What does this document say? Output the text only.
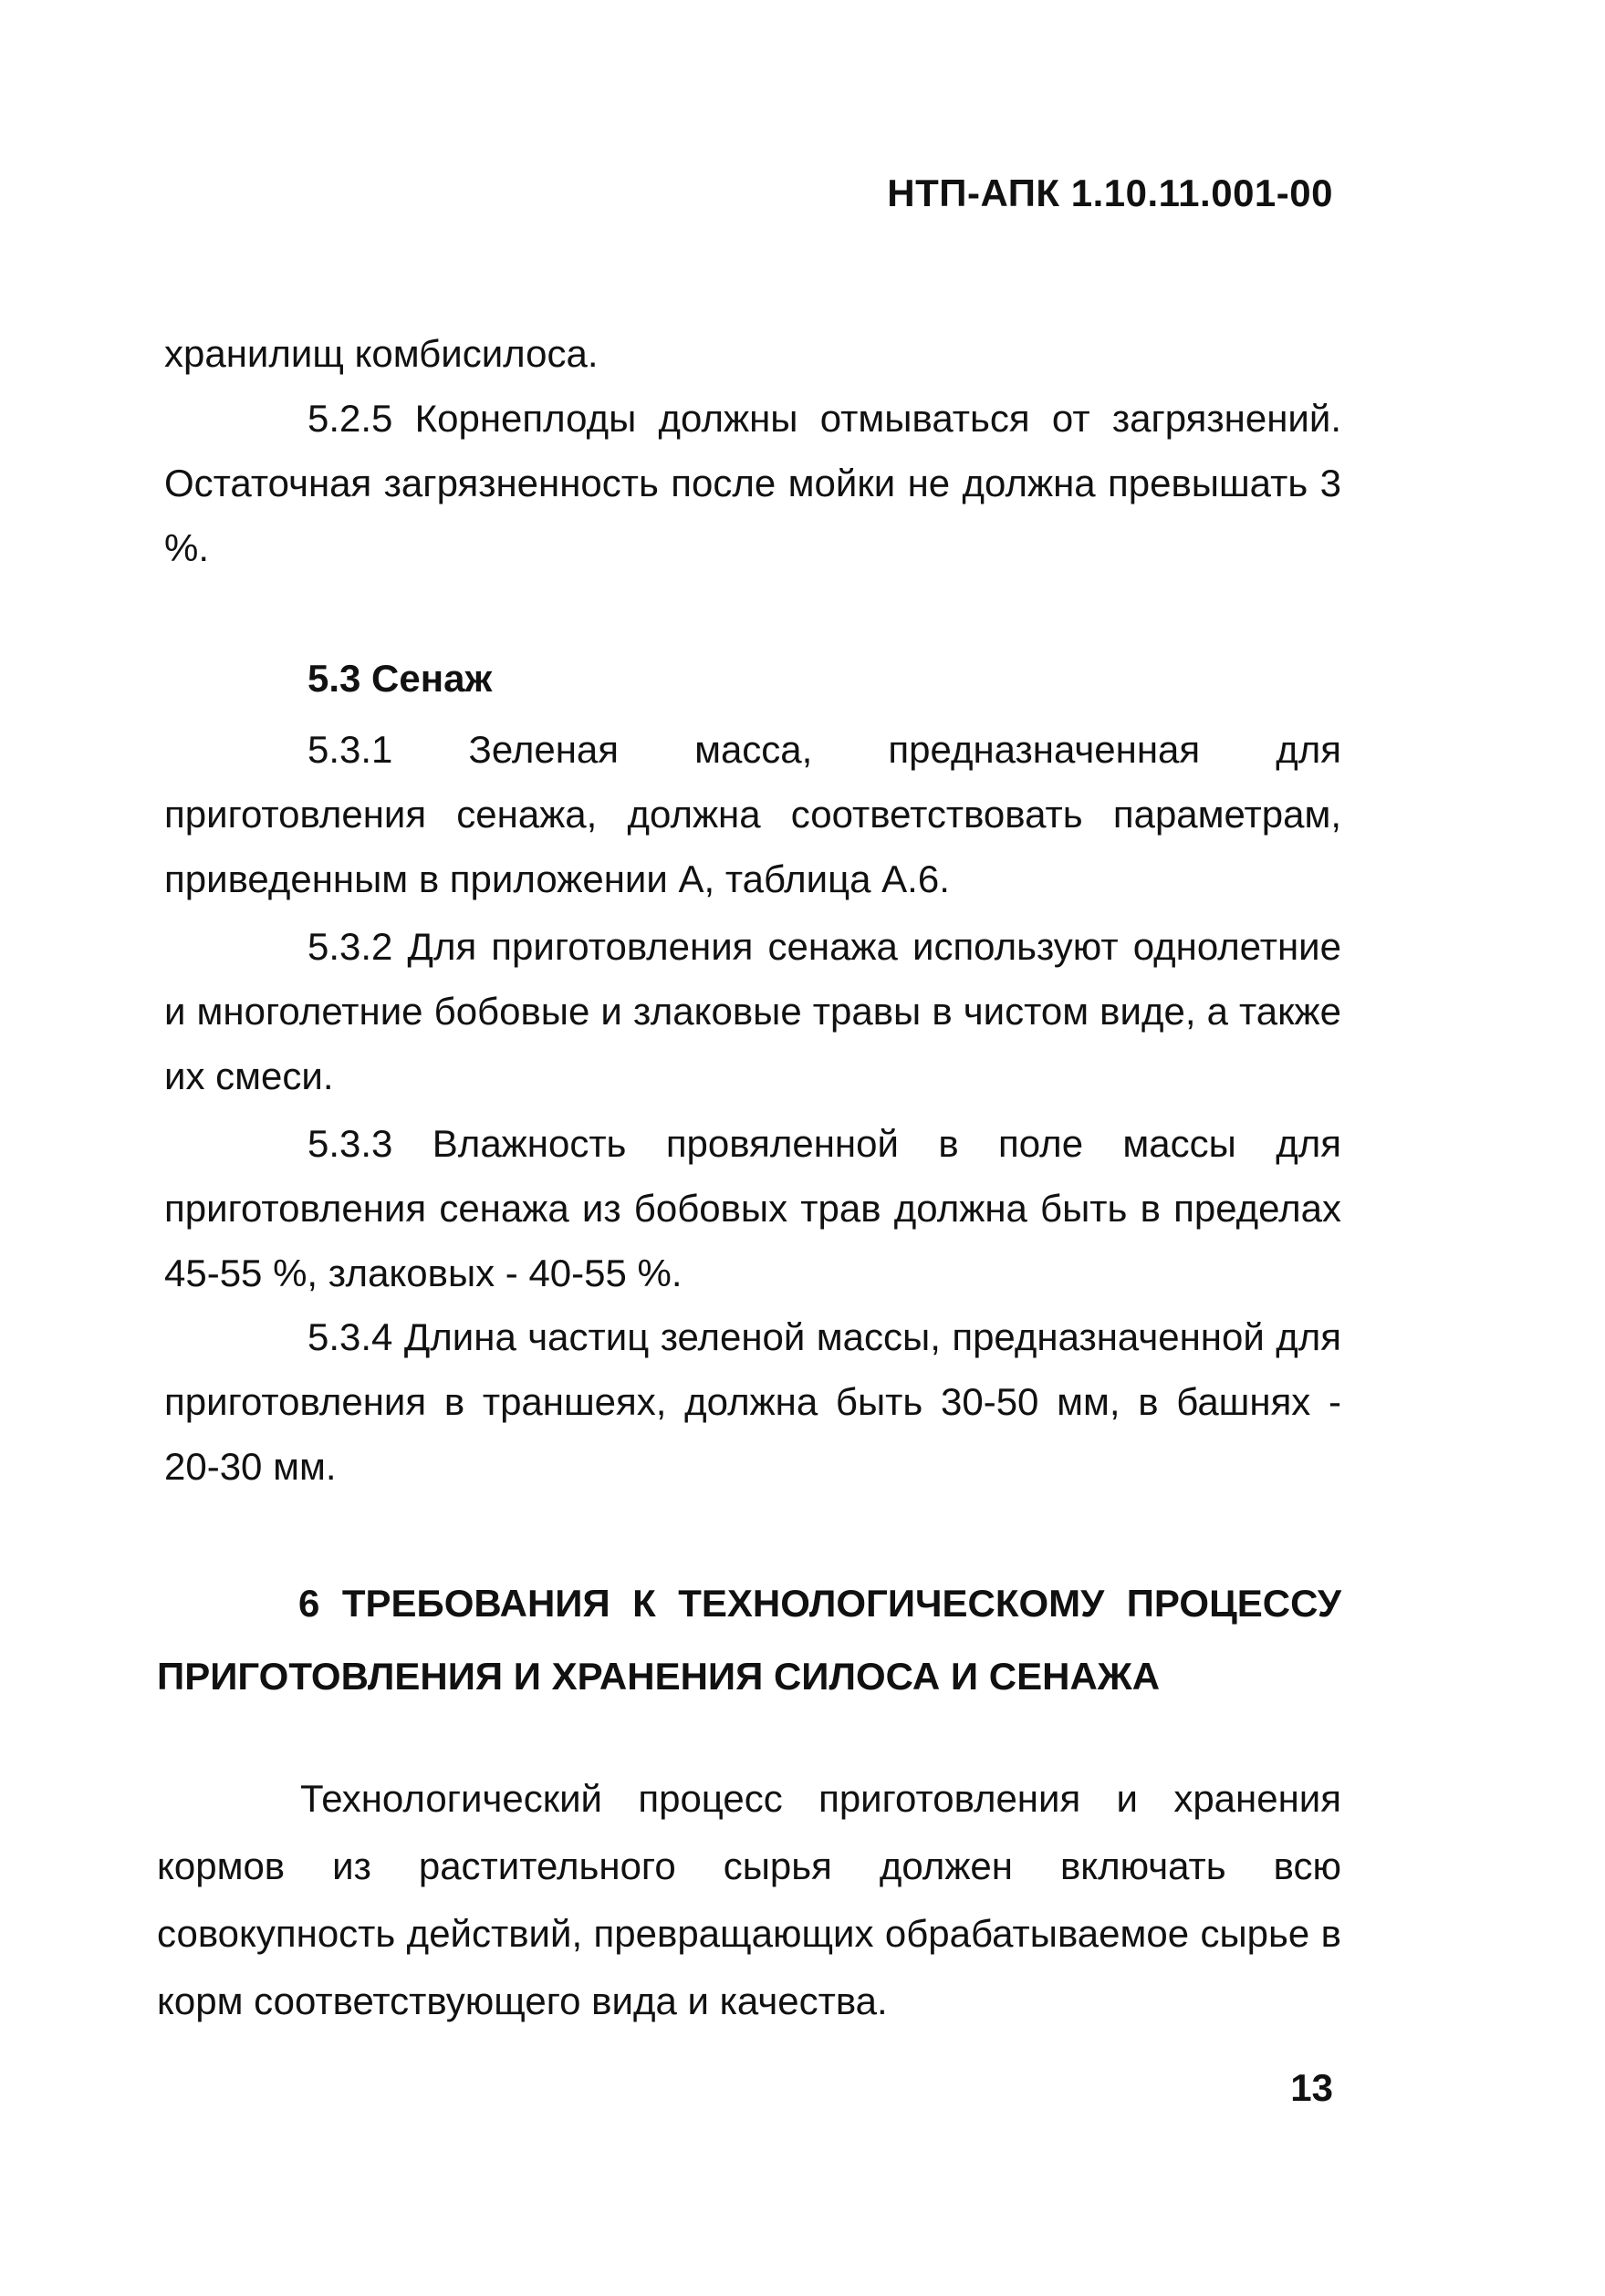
НТП-АПК 1.10.11.001-00

хранилищ комбисилоса.

5.2.5 Корнеплоды должны отмываться от загрязнений. Остаточная загрязненность после мойки не должна превышать 3 %.

5.3 Сенаж

5.3.1 Зеленая масса, предназначенная для приготовления сенажа, должна соответствовать параметрам, приведенным в приложении А, таблица А.6.

5.3.2 Для приготовления сенажа используют однолетние и многолетние бобовые и злаковые травы в чистом виде, а также их смеси.

5.3.3 Влажность провяленной в поле массы для приготовления сенажа из бобовых трав должна быть в пределах 45-55 %, злаковых - 40-55 %.

5.3.4 Длина частиц зеленой массы, предназначенной для приготовления в траншеях, должна быть 30-50 мм, в башнях - 20-30 мм.

6 ТРЕБОВАНИЯ К ТЕХНОЛОГИЧЕСКОМУ ПРОЦЕССУ ПРИГОТОВЛЕНИЯ И ХРАНЕНИЯ СИЛОСА И СЕНАЖА

Технологический процесс приготовления и хранения кормов из растительного сырья должен включать всю совокупность действий, превращающих обрабатываемое сырье в корм соответствующего вида и качества.

13
